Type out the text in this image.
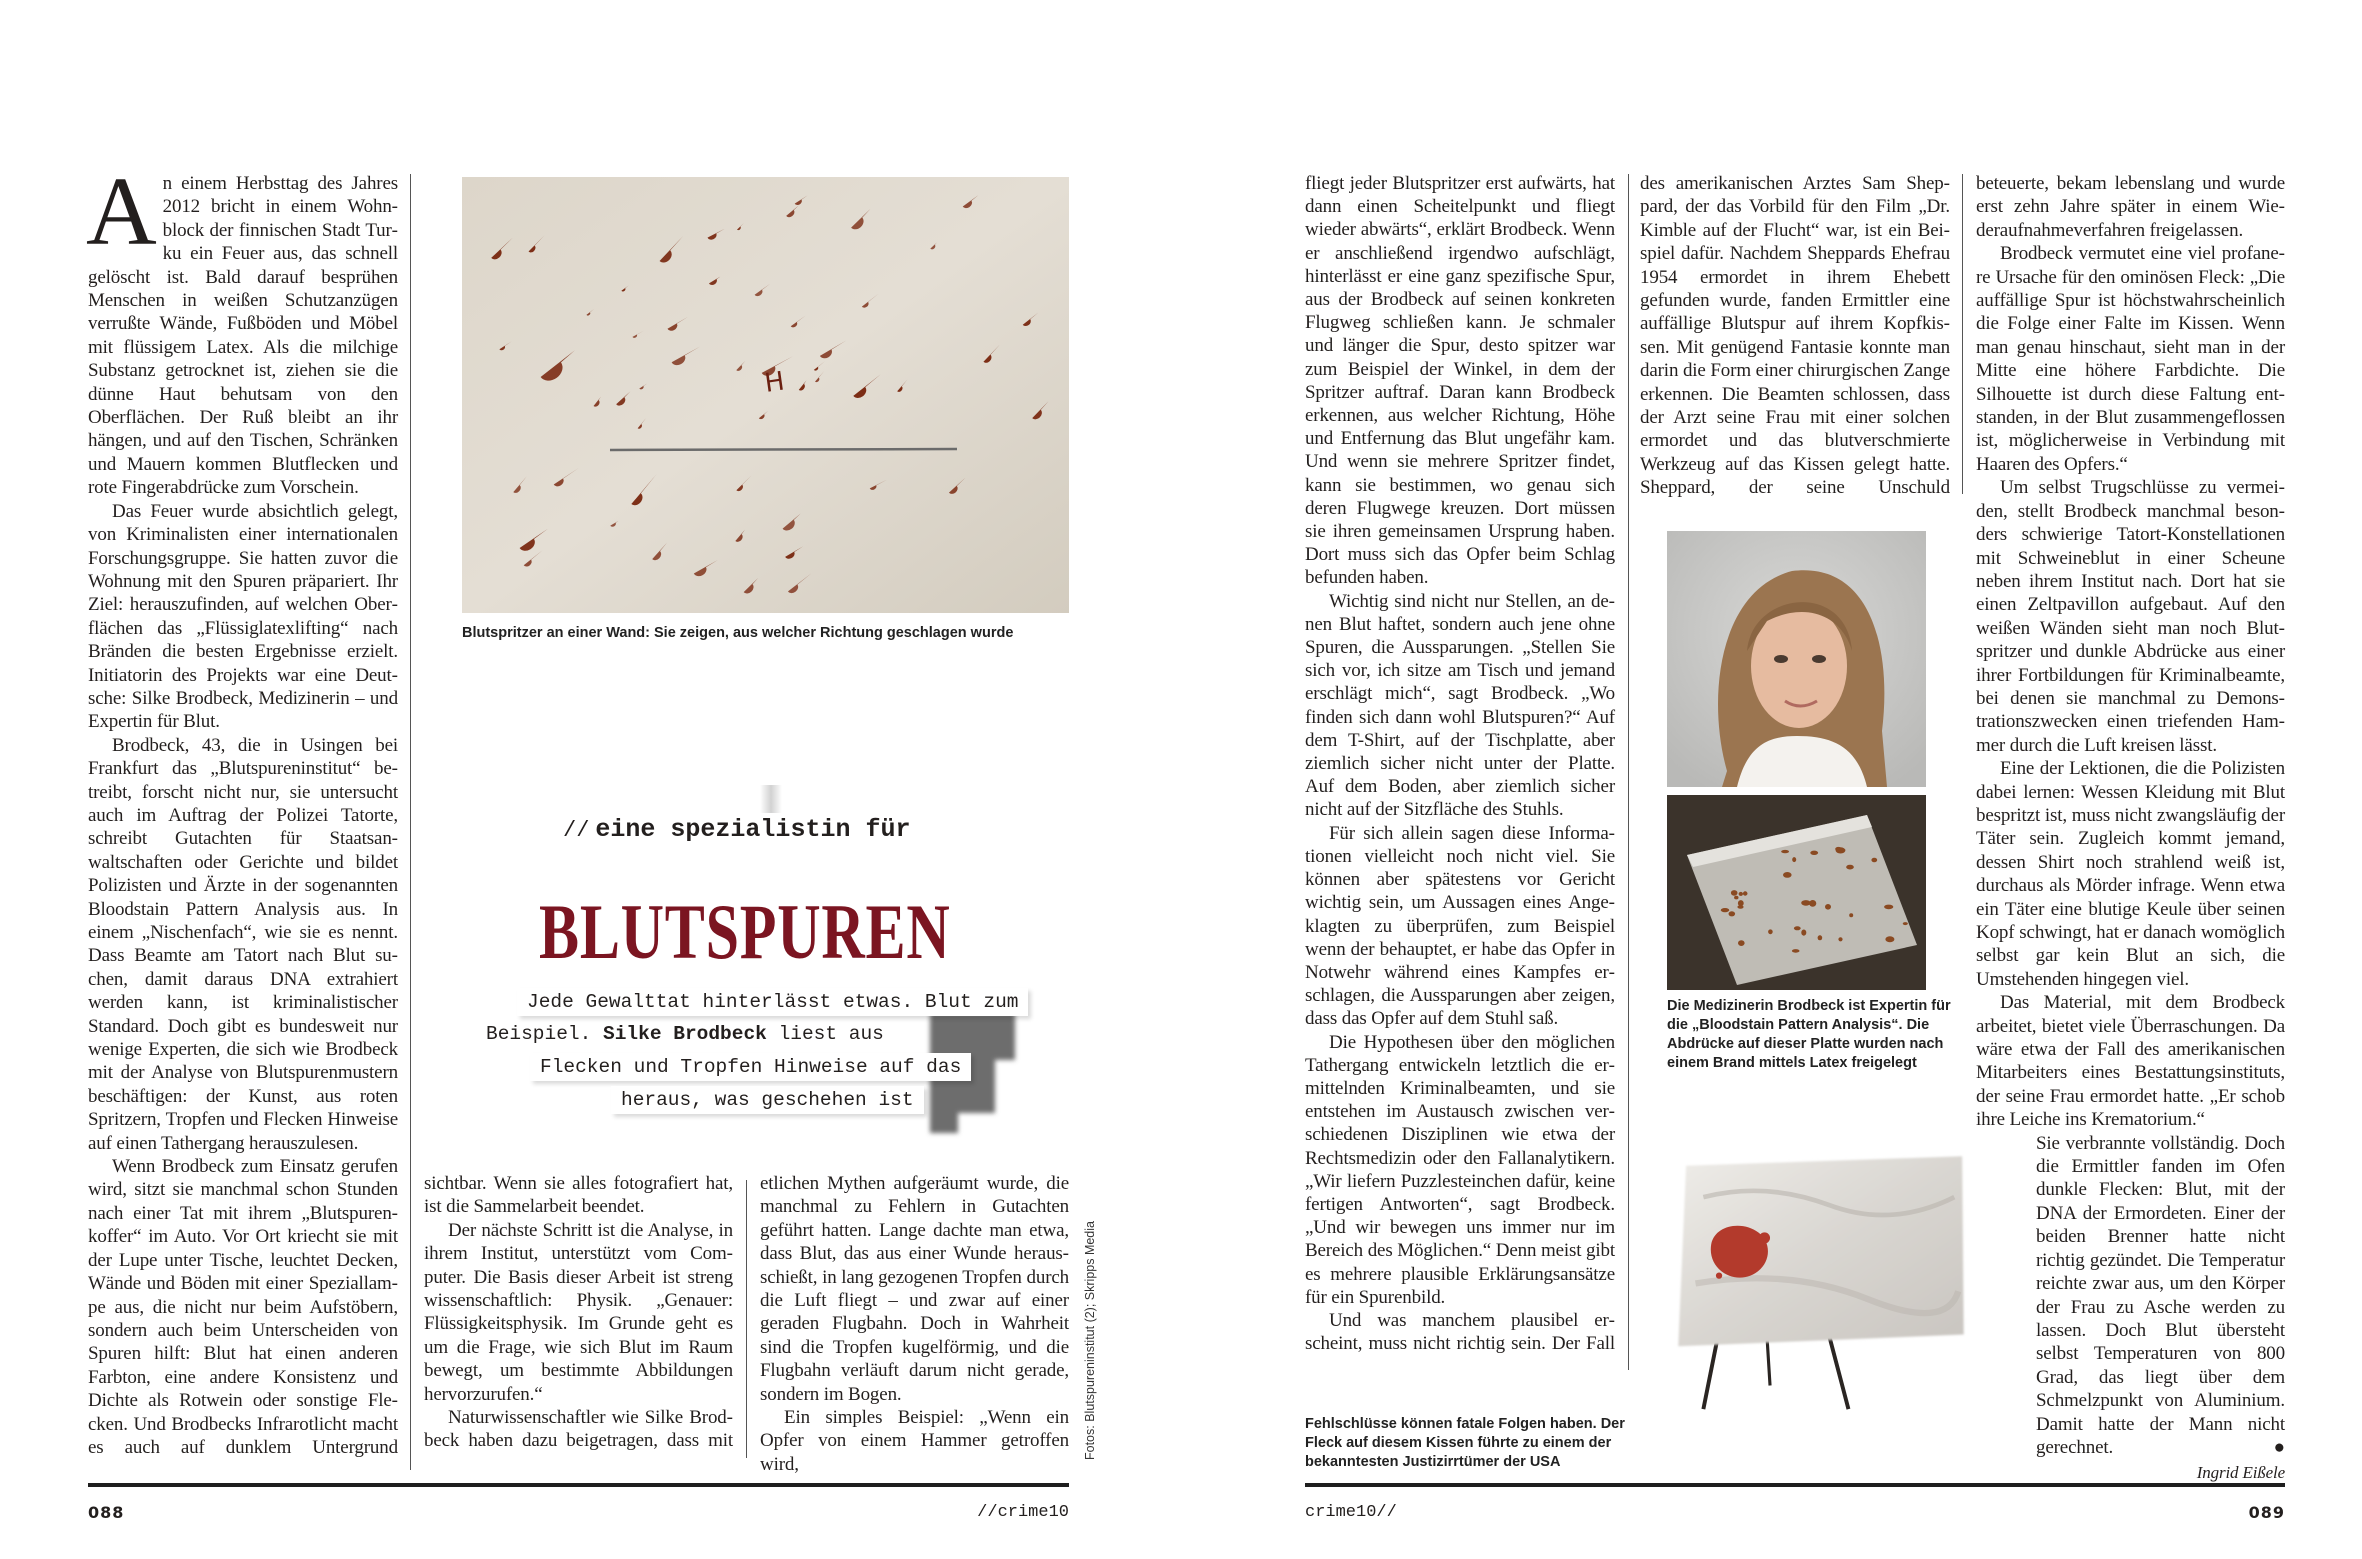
An einem Herbsttag des Jahres 2012 bricht in einem Wohnblock der finnischen Stadt Turku ein Feuer aus, das schnell gelöscht ist. Bald darauf besprühen Menschen in weißen Schutzanzügen verrußte Wände, Fußböden und Möbel mit flüssigem Latex. Als die milchige Substanz getrocknet ist, ziehen sie die dünne Haut behutsam von den Oberflächen. Der Ruß bleibt an ihr hängen, und auf den Tischen, Schränken und Mauern kommen Blutflecken und rote Fingerabdrücke zum Vorschein.

Das Feuer wurde absichtlich gelegt, von Kriminalisten einer internationalen Forschungsgruppe. Sie hatten zuvor die Wohnung mit den Spuren präpariert. Ihr Ziel: herauszufinden, auf welchen Oberflächen das „Flüssiglatexlifting“ nach Bränden die besten Ergebnisse erzielt. Initiatorin des Projekts war eine Deutsche: Silke Brodbeck, Medizinerin – und Expertin für Blut.

Brodbeck, 43, die in Usingen bei Frankfurt das „Blutspureninstitut“ betreibt, forscht nicht nur, sie untersucht auch im Auftrag der Polizei Tatorte, schreibt Gutachten für Staatsanwaltschaften oder Gerichte und bildet Polizisten und Ärzte in der sogenannten Bloodstain Pattern Analysis aus. In einem „Nischenfach“, wie sie es nennt. Dass Beamte am Tatort nach Blut suchen, damit daraus DNA extrahiert werden kann, ist kriminalistischer Standard. Doch gibt es bundesweit nur wenige Experten, die sich wie Brodbeck mit der Analyse von Blutspurenmustern beschäftigen: der Kunst, aus roten Spritzern, Tropfen und Flecken Hinweise auf einen Tathergang herauszulesen.

Wenn Brodbeck zum Einsatz gerufen wird, sitzt sie manchmal schon Stunden nach einer Tat mit ihrem „Blutspurenkoffer“ im Auto. Vor Ort kriecht sie mit der Lupe unter Tische, leuchtet Decken, Wände und Böden mit einer Speziallampe aus, die nicht nur beim Aufstöbern, sondern auch beim Unterscheiden von Spuren hilft: Blut hat einen anderen Farbton, eine andere Konsistenz und Dichte als Rotwein oder sonstige Flecken. Und Brodbecks Infrarotlicht macht es auch auf dunklem Untergrund

H
Blutspritzer an einer Wand: Sie zeigen, aus welcher Richtung geschlagen wurde
// eine spezialistin für
BLUTSPUREN
Jede Gewalttat hinterlässt etwas. Blut zum
Beispiel. Silke Brodbeck liest aus
Flecken und Tropfen Hinweise auf das
heraus, was geschehen ist

sichtbar. Wenn sie alles fotografiert hat, ist die Sammelarbeit beendet.

Der nächste Schritt ist die Analyse, in ihrem Institut, unterstützt vom Computer. Die Basis dieser Arbeit ist streng wissenschaftlich: Physik. „Genauer: Flüssigkeitsphysik. Im Grunde geht es um die Frage, wie sich Blut im Raum bewegt, um bestimmte Abbildungen hervorzurufen.“

Naturwissenschaftler wie Silke Brodbeck haben dazu beigetragen, dass mit

etlichen Mythen aufgeräumt wurde, die manchmal zu Fehlern in Gutachten geführt hatten. Lange dachte man etwa, dass Blut, das aus einer Wunde herausschießt, in lang gezogenen Tropfen durch die Luft fliegt – und zwar auf einer geraden Flugbahn. Doch in Wahrheit sind die Tropfen kugelförmig, und die Flugbahn verläuft darum nicht gerade, sondern im Bogen.

Ein simples Beispiel: „Wenn ein Opfer von einem Hammer getroffen wird,

Fotos: Blutspureninstitut (2); Skripps Media
088	//crime10

fliegt jeder Blutspritzer erst aufwärts, hat dann einen Scheitelpunkt und fliegt wieder abwärts“, erklärt Brodbeck. Wenn er anschließend irgendwo aufschlägt, hinterlässt er eine ganz spezifische Spur, aus der Brodbeck auf seinen konkreten Flugweg schließen kann. Je schmaler und länger die Spur, desto spitzer war zum Beispiel der Winkel, in dem der Spritzer auftraf. Daran kann Brodbeck erkennen, aus welcher Richtung, Höhe und Entfernung das Blut ungefähr kam. Und wenn sie mehrere Spritzer findet, kann sie bestimmen, wo genau sich deren Flugwege kreuzen. Dort müssen sie ihren gemeinsamen Ursprung haben. Dort muss sich das Opfer beim Schlag befunden haben.

Wichtig sind nicht nur Stellen, an denen Blut haftet, sondern auch jene ohne Spuren, die Aussparungen. „Stellen Sie sich vor, ich sitze am Tisch und jemand erschlägt mich“, sagt Brodbeck. „Wo finden sich dann wohl Blutspuren?“ Auf dem T-Shirt, auf der Tischplatte, aber ziemlich sicher nicht unter der Platte. Auf dem Boden, aber ziemlich sicher nicht auf der Sitzfläche des Stuhls.

Für sich allein sagen diese Informationen vielleicht noch nicht viel. Sie können aber spätestens vor Gericht wichtig sein, um Aussagen eines Angeklagten zu überprüfen, zum Beispiel wenn der behauptet, er habe das Opfer in Notwehr während eines Kampfes erschlagen, die Aussparungen aber zeigen, dass das Opfer auf dem Stuhl saß.

Die Hypothesen über den möglichen Tathergang entwickeln letztlich die ermittelnden Kriminalbeamten, und sie entstehen im Austausch zwischen verschiedenen Disziplinen wie etwa der Rechtsmedizin oder den Fallanalytikern. „Wir liefern Puzzlesteinchen dafür, keine fertigen Antworten“, sagt Brodbeck. „Und wir bewegen uns immer nur im Bereich des Möglichen.“ Denn meist gibt es mehrere plausible Erklärungsansätze für ein Spurenbild.

Und was manchem plausibel erscheint, muss nicht richtig sein. Der Fall

des amerikanischen Arztes Sam Sheppard, der das Vorbild für den Film „Dr. Kimble auf der Flucht“ war, ist ein Beispiel dafür. Nachdem Sheppards Ehefrau 1954 ermordet in ihrem Ehebett gefunden wurde, fanden Ermittler eine auffällige Blutspur auf ihrem Kopfkissen. Mit genügend Fantasie konnte man darin die Form einer chirurgischen Zange erkennen. Die Beamten schlossen, dass der Arzt seine Frau mit einer solchen ermordet und das blutverschmierte Werkzeug auf das Kissen gelegt hatte. Sheppard, der seine Unschuld

Die Medizinerin Brodbeck ist Expertin für die „Bloodstain Pattern Analysis“. Die Abdrücke auf dieser Platte wurden nach einem Brand mittels Latex freigelegt

beteuerte, bekam lebenslang und wurde erst zehn Jahre später in einem Wiederaufnahmeverfahren freigelassen.

Brodbeck vermutet eine viel profanere Ursache für den ominösen Fleck: „Die auffällige Spur ist höchstwahrscheinlich die Folge einer Falte im Kissen. Wenn man genau hinschaut, sieht man in der Mitte eine höhere Farbdichte. Die Silhouette ist durch diese Faltung entstanden, in der Blut zusammengeflossen ist, möglicherweise in Verbindung mit Haaren des Opfers.“

Um selbst Trugschlüsse zu vermeiden, stellt Brodbeck manchmal besonders schwierige Tatort-Konstellationen mit Schweineblut in einer Scheune neben ihrem Institut nach. Dort hat sie einen Zeltpavillon aufgebaut. Auf den weißen Wänden sieht man noch Blutspritzer und dunkle Abdrücke aus einer ihrer Fortbildungen für Kriminalbeamte, bei denen sie manchmal zu Demonstrationszwecken einen triefenden Hammer durch die Luft kreisen lässt.

Eine der Lektionen, die die Polizisten dabei lernen: Wessen Kleidung mit Blut bespritzt ist, muss nicht zwangsläufig der Täter sein. Zugleich kommt jemand, dessen Shirt noch strahlend weiß ist, durchaus als Mörder infrage. Wenn etwa ein Täter eine blutige Keule über seinen Kopf schwingt, hat er danach womöglich selbst gar kein Blut an sich, die Umstehenden hingegen viel.

Das Material, mit dem Brodbeck arbeitet, bietet viele Überraschungen. Da wäre etwa der Fall des amerikanischen Mitarbeiters eines Bestattungsinstituts, der seine Frau ermordet hatte. „Er schob ihre Leiche ins Krematorium.“

Sie verbrannte vollständig. Doch die Ermittler fanden im Ofen dunkle Flecken: Blut, mit der DNA der Ermordeten. Einer der beiden Brenner hatte nicht richtig gezündet. Die Temperatur reichte zwar aus, um den Körper der Frau zu Asche werden zu lassen. Doch Blut übersteht selbst Temperaturen von 800 Grad, das liegt über dem Schmelzpunkt von Aluminium. Damit hatte der Mann nicht gerechnet.	●

Ingrid Eißele
Fehlschlüsse können fatale Folgen haben. Der Fleck auf diesem Kissen führte zu einem der bekanntesten Justizirrtümer der USA
crime10//	089
